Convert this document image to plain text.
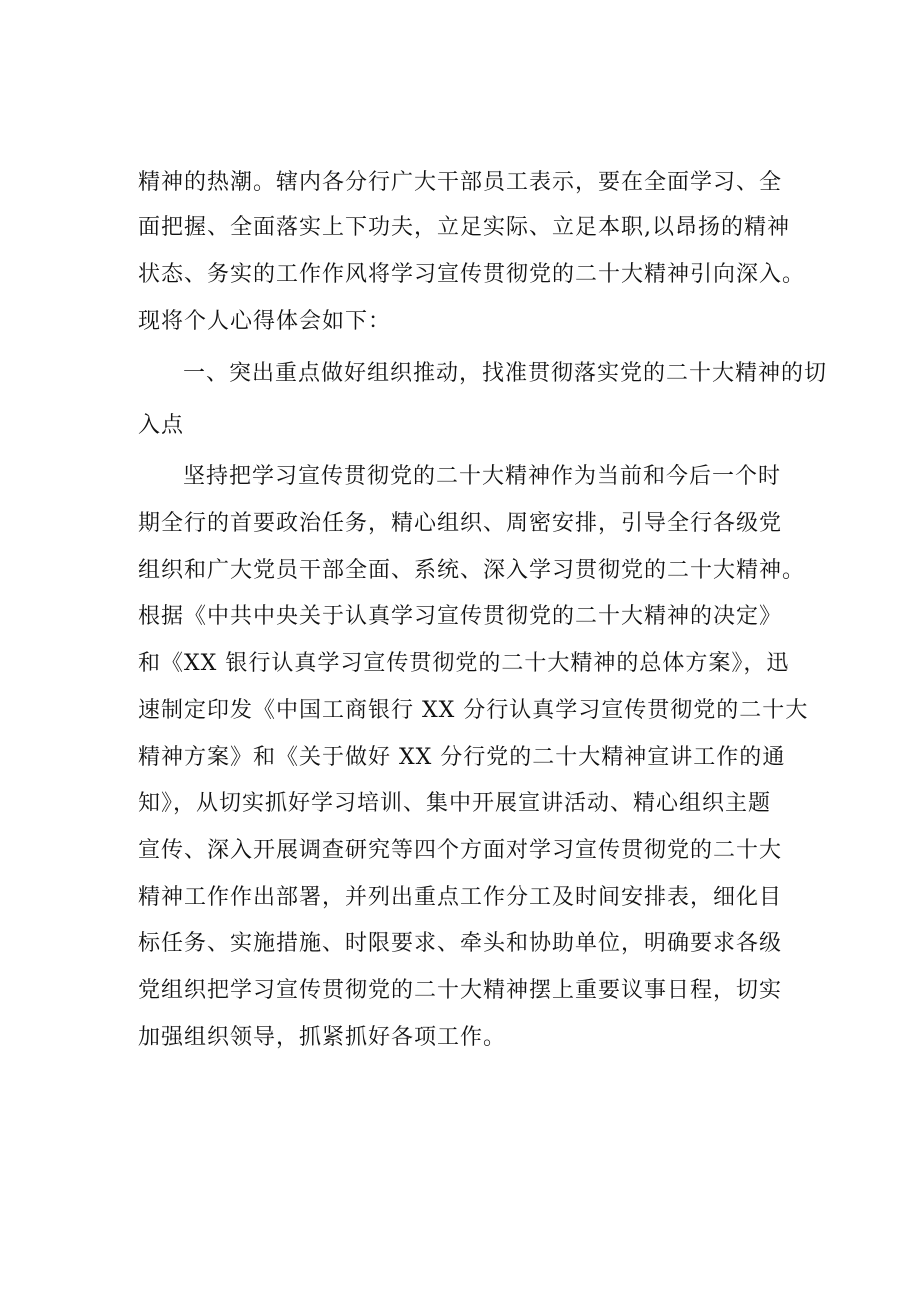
精神的热潮。辖内各分行广大干部员工表示，要在全面学习、全
面把握、全面落实上下功夫，立足实际、立足本职,以昂扬的精神
状态、务实的工作作风将学习宣传贯彻党的二十大精神引向深入。
现将个人心得体会如下：
一、突出重点做好组织推动，找准贯彻落实党的二十大精神的切
入点
坚持把学习宣传贯彻党的二十大精神作为当前和今后一个时
期全行的首要政治任务，精心组织、周密安排，引导全行各级党
组织和广大党员干部全面、系统、深入学习贯彻党的二十大精神。
根据《中共中央关于认真学习宣传贯彻党的二十大精神的决定》
和《XX 银行认真学习宣传贯彻党的二十大精神的总体方案》，迅
速制定印发《中国工商银行 XX 分行认真学习宣传贯彻党的二十大
精神方案》和《关于做好 XX 分行党的二十大精神宣讲工作的通
知》，从切实抓好学习培训、集中开展宣讲活动、精心组织主题
宣传、深入开展调查研究等四个方面对学习宣传贯彻党的二十大
精神工作作出部署，并列出重点工作分工及时间安排表，细化目
标任务、实施措施、时限要求、牵头和协助单位，明确要求各级
党组织把学习宣传贯彻党的二十大精神摆上重要议事日程，切实
加强组织领导，抓紧抓好各项工作。
